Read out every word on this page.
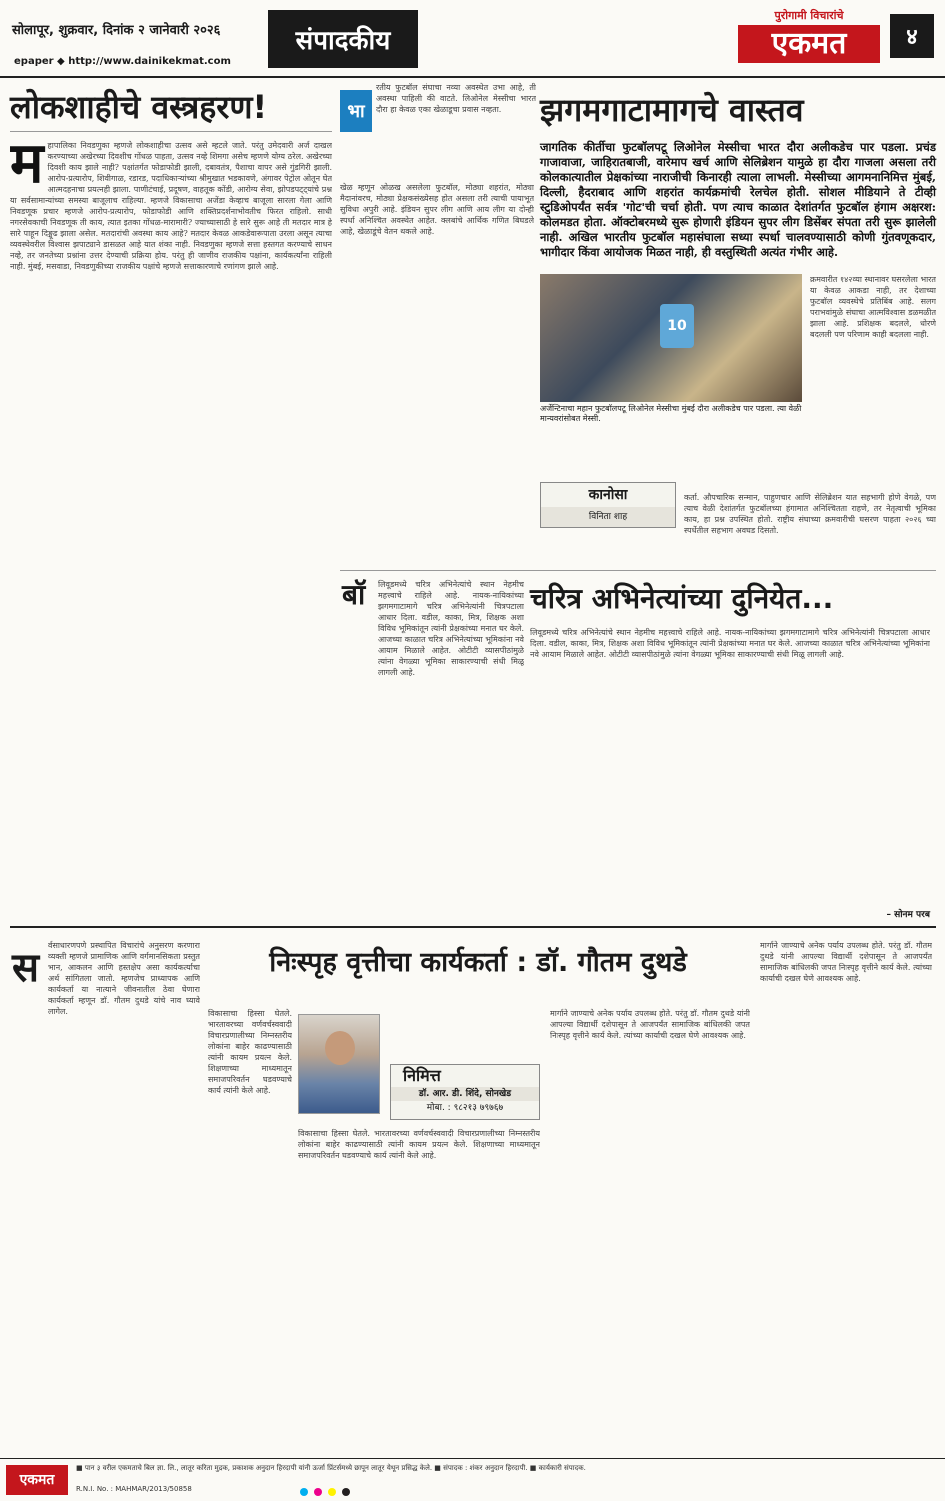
सोलापूर, शुक्रवार, दिनांक २ जानेवारी २०२६
epaper ◆ http://www.dainikekmat.com
संपादकीय
पुरोगामी विचारांचे
एकमत	४
लोकशाहीचे वस्त्रहरण!
म हापालिका निवडणुका म्हणजे लोकशाहीचा उत्सव असे म्हटले जाते. परंतु उमेदवारी अर्ज दाखल करण्याच्या अखेरच्या दिवशीच गोंधळ पाहता, उत्सव नव्हे शिमगा असेच म्हणणे योग्य ठरेल. अखेरच्या दिवशी काय झाले नाही? पक्षांतर्गत फोडाफोडी झाली, दबावतंत्र, पैशाचा वापर असे गुंडगिरी झाली. आरोप-प्रत्यारोप, शिवीगाळ, रडारड, पदाधिकाऱ्यांच्या श्रीमुखात भडकावणे, अंगावर पेट्रोल ओतून घेत आत्मदहनाचा प्रयत्नही झाला. पाणीटंचाई, प्रदूषण, वाहतूक कोंडी, आरोग्य सेवा, झोपडपट्ट्यांचे प्रश्न या सर्वसामान्यांच्या समस्या बाजूलाच राहिल्या. म्हणजे विकासाचा अजेंडा केव्हाच बाजूला सारला गेला आणि निवडणूक प्रचार म्हणजे आरोप-प्रत्यारोप, फोडाफोडी आणि शक्तिप्रदर्शनाभोवतीच फिरत राहिलो. साधी नगरसेवकाची निवडणूक ती काय, त्यात इतका गोंधळ-मारामारी? ज्याच्यासाठी हे सारे सुरू आहे ती मतदार मात्र हे सारे पाहून दिङ्मूढ झाला असेल. मतदारांची अवस्था काय आहे? मतदार केवळ आकडेवारूपाता उरला असून त्याचा व्यवस्थेवरील विश्वास झपाट्याने डासळत आहे यात शंका नाही. निवडणुका म्हणजे सत्ता हस्तगत करण्याचे साधन नव्हे, तर जनतेच्या प्रश्नांना उत्तर देण्याची प्रक्रिया होय. परंतु ही जाणीव राजकीय पक्षांना, कार्यकर्त्यांना राहिली नाही. मुंबई, मसवाडा, निवडणुकीच्या राजकीय पक्षांचे म्हणजे सत्ताकारणाचे रणांगण झाले आहे.
भा
रतीय फुटबॉल संघाचा नव्या अवस्थेत उभा आहे, ती अवस्था पाहिली की वाटते. लिओनेल मेस्सीचा भारत दौरा हा केवळ एका खेळाडूचा प्रवास नव्हता.	झगमगाटामागचे वास्तव
जागतिक कीर्तीचा फुटबॉलपटू लिओनेल मेस्सीचा भारत दौरा अलीकडेच पार पडला. प्रचंड गाजावाजा, जाहिरातबाजी, वारेमाप खर्च आणि सेलिब्रेशन यामुळे हा दौरा गाजला असला तरी कोलकात्यातील प्रेक्षकांच्या नाराजीची किनारही त्याला लाभली. मेस्सीच्या आगमनानिमित्त मुंबई, दिल्ली, हैदराबाद आणि शहरांत कार्यक्रमांची रेलचेल होती. सोशल मीडियाने ते टीव्ही स्टुडिओपर्यंत सर्वत्र 'गोट'ची चर्चा होती. पण त्याच काळात देशांतर्गत फुटबॉल हंगाम अक्षरश: कोलमडत होता. ऑक्टोबरमध्ये सुरू होणारी इंडियन सुपर लीग डिसेंबर संपता तरी सुरू झालेली नाही. अखिल भारतीय फुटबॉल महासंघाला सध्या स्पर्धा चालवण्यासाठी कोणी गुंतवणूकदार, भागीदार किंवा आयोजक मिळत नाही, ही वस्तुस्थिती अत्यंत गंभीर आहे.
खेळ म्हणून ओळख असलेला फुटबॉल, मोठ्या शहरांत, मोठ्या मैदानांवरच, मोठ्या प्रेक्षकसंख्येसह होत असला तरी त्याची पायाभूत सुविधा अपुरी आहे. इंडियन सुपर लीग आणि आय लीग या दोन्ही स्पर्धा अनिश्चित अवस्थेत आहेत. क्लबांचे आर्थिक गणित बिघडले आहे, खेळाडूंचे वेतन थकले आहे.
10
अर्जेन्टिनाचा महान फुटबॉलपटू लिओनेल मेस्सीचा मुंबई दौरा अलीकडेच पार पडला. त्या वेळी मान्यवरांसोबत मेस्सी.
क्रमवारीत १४२व्या स्थानावर घसरलेला भारत या केवळ आकडा नाही, तर देशाच्या फुटबॉल व्यवस्थेचे प्रतिबिंब आहे. सलग पराभवांमुळे संघाचा आत्मविश्वास डळमळीत झाला आहे. प्रशिक्षक बदलले, धोरणे बदलली पण परिणाम काही बदलला नाही.
कानोसा
विनिता शाह
कर्ता. औपचारिक सन्मान, पाहुणचार आणि सेलिब्रेशन यात सहभागी होणे वेगळे, पण त्याच वेळी देशांतर्गत फुटबॉलच्या हंगामात अनिश्चितता राहणे, तर नेतृत्वाची भूमिका काय, हा प्रश्न उपस्थित होतो. राष्ट्रीय संघाच्या क्रमवारीची घसरण पाहता २०२६ च्या स्पर्धेतील सहभाग अवघड दिसतो.
बॉ लिवूडमध्ये चरित्र अभिनेत्यांचे स्थान नेहमीच महत्त्वाचे राहिले आहे. नायक-नायिकांच्या झगमगाटामागे चरित्र अभिनेत्यांनी चित्रपटाला आधार दिला. वडील, काका, मित्र, शिक्षक अशा विविध भूमिकांतून त्यांनी प्रेक्षकांच्या मनात घर केले. आजच्या काळात चरित्र अभिनेत्यांच्या भूमिकांना नवे आयाम मिळाले आहेत. ओटीटी व्यासपीठांमुळे त्यांना वेगळ्या भूमिका साकारण्याची संधी मिळू लागली आहे.
चरित्र अभिनेत्यांच्या दुनियेत...
लिवूडमध्ये चरित्र अभिनेत्यांचे स्थान नेहमीच महत्त्वाचे राहिले आहे. नायक-नायिकांच्या झगमगाटामागे चरित्र अभिनेत्यांनी चित्रपटाला आधार दिला. वडील, काका, मित्र, शिक्षक अशा विविध भूमिकांतून त्यांनी प्रेक्षकांच्या मनात घर केले. आजच्या काळात चरित्र अभिनेत्यांच्या भूमिकांना नवे आयाम मिळाले आहेत. ओटीटी व्यासपीठांमुळे त्यांना वेगळ्या भूमिका साकारण्याची संधी मिळू लागली आहे.
– सोनम परब
स र्वसाधारणपणे प्रस्थापित विचारांचे अनुसरण करणारा व्यक्ती म्हणजे प्रामाणिक आणि वर्गमानसिकता प्रस्तुत भान, आकलन आणि हस्तक्षेप असा कार्यकर्त्याचा अर्थ सांगितला जातो. म्हणजेच प्राध्यापक आणि कार्यकर्ता या नात्याने जीवनातील ठेवा घेणारा कार्यकर्ता म्हणून डॉ. गौतम दुथडे यांचे नाव घ्यावे लागेल.
निःस्पृह वृत्तीचा कार्यकर्ता : डॉ. गौतम दुथडे
विकासाचा हिस्सा घेतले. भारतावरच्या वर्णवर्चस्ववादी विचारप्रणालीच्या निम्नस्तरीय लोकांना बाहेर काढण्यासाठी त्यांनी कायम प्रयत्न केले. शिक्षणाच्या माध्यमातून समाजपरिवर्तन घडवण्याचे कार्य त्यांनी केले आहे.
निमित्त
डॉ. आर. डी. शिंदे, सोनखेड
मोबा. : ९८२१३ ७९७६७
विकासाचा हिस्सा घेतले. भारतावरच्या वर्णवर्चस्ववादी विचारप्रणालीच्या निम्नस्तरीय लोकांना बाहेर काढण्यासाठी त्यांनी कायम प्रयत्न केले. शिक्षणाच्या माध्यमातून समाजपरिवर्तन घडवण्याचे कार्य त्यांनी केले आहे.
मार्गाने जाण्याचे अनेक पर्याय उपलब्ध होते. परंतु डॉ. गौतम दुथडे यांनी आपल्या विद्यार्थी दशेपासून ते आजपर्यंत सामाजिक बांधिलकी जपत निःस्पृह वृत्तीने कार्य केले. त्यांच्या कार्याची दखल घेणे आवश्यक आहे.
मार्गाने जाण्याचे अनेक पर्याय उपलब्ध होते. परंतु डॉ. गौतम दुथडे यांनी आपल्या विद्यार्थी दशेपासून ते आजपर्यंत सामाजिक बांधिलकी जपत निःस्पृह वृत्तीने कार्य केले. त्यांच्या कार्याची दखल घेणे आवश्यक आहे.
एकमत
■ पान ३ वरील एकमताचे बिल ज्ञा. लि., लातूर करिता मुद्रक, प्रकाशक अनुदान हिरदापी यांनी ऊर्जा प्रिंटर्समध्ये छापून लातूर येथून प्रसिद्ध केले. ■ संपादक : शंकर अनुदान हिरदापी. ■ कार्यकारी संपादक.
R.N.I. No. : MAHMAR/2013/50858
